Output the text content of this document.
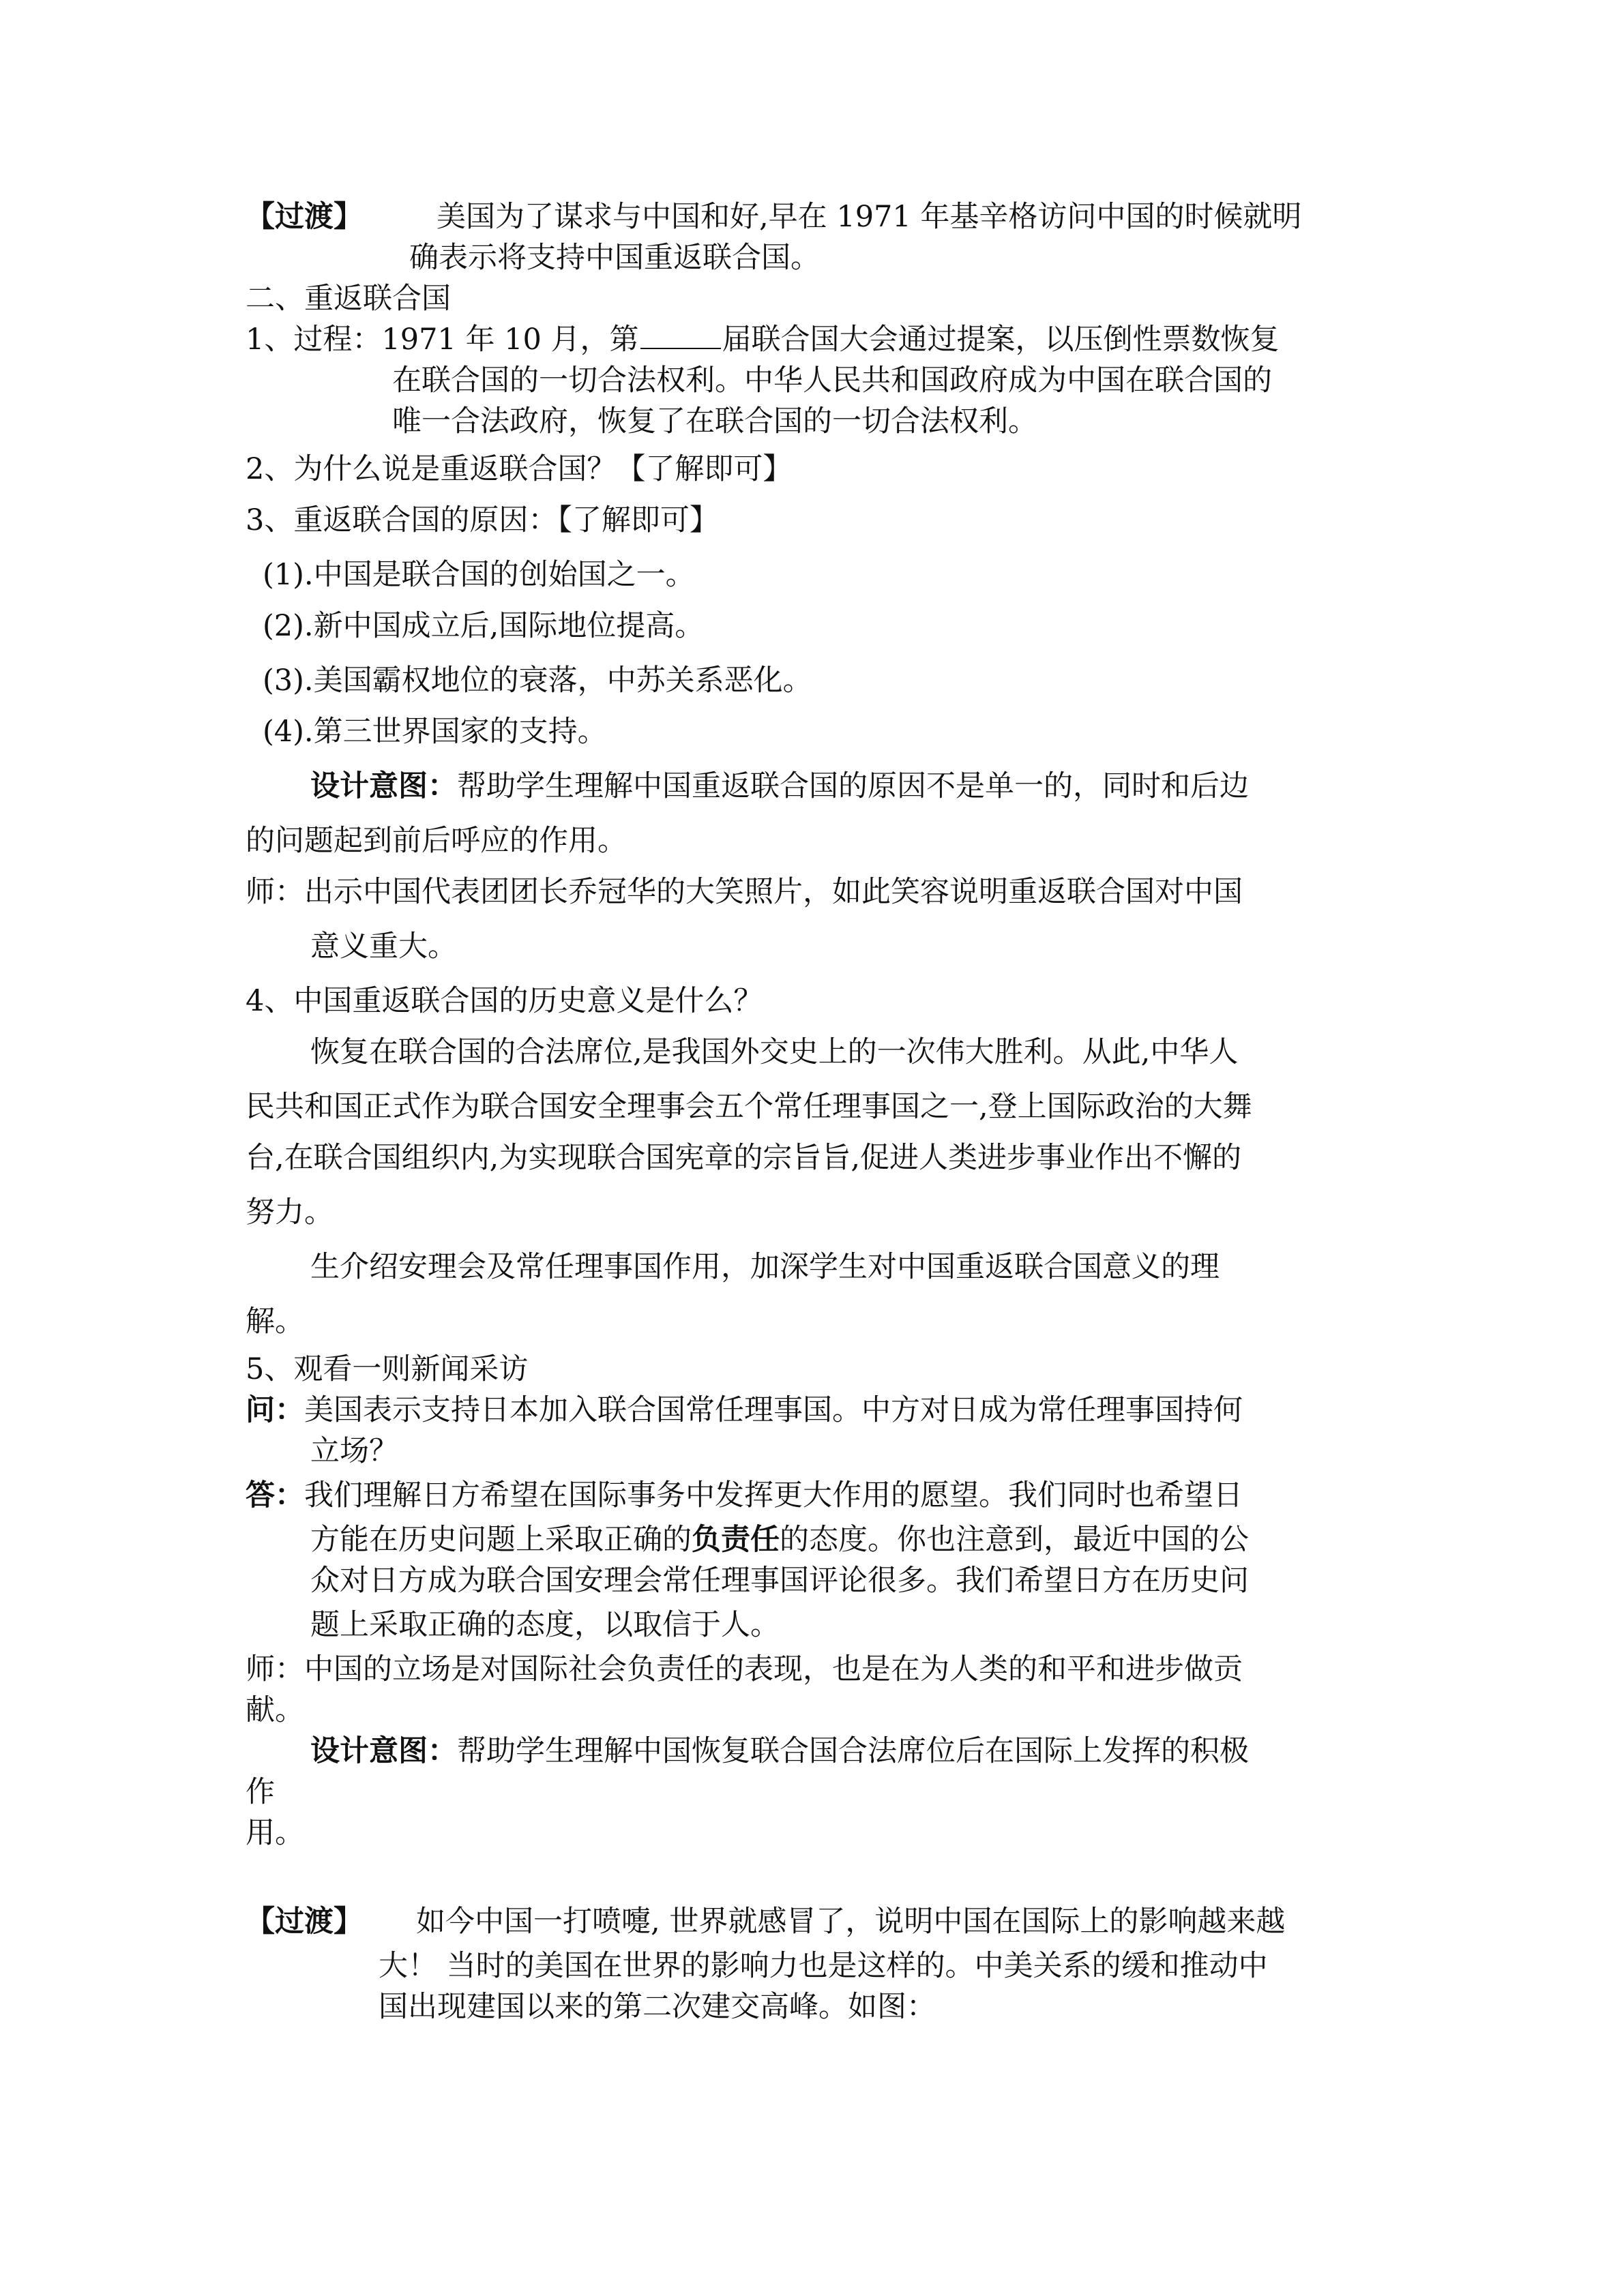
【过渡】	美国为了谋求与中国和好,早在 1971 年基辛格访问中国的时候就明
确表示将支持中国重返联合国。
二、重返联合国
1、过程：1971 年 10 月，第	届联合国大会通过提案，以压倒性票数恢复
在联合国的一切合法权利。中华人民共和国政府成为中国在联合国的
唯一合法政府，恢复了在联合国的一切合法权利。
2、为什么说是重返联合国？【了解即可】
3、重返联合国的原因：【了解即可】
(1).中国是联合国的创始国之一。
(2).新中国成立后,国际地位提高。
(3).美国霸权地位的衰落，中苏关系恶化。
(4).第三世界国家的支持。
设计意图：帮助学生理解中国重返联合国的原因不是单一的，同时和后边
的问题起到前后呼应的作用。
师：出示中国代表团团长乔冠华的大笑照片，如此笑容说明重返联合国对中国
意义重大。
4、中国重返联合国的历史意义是什么？
恢复在联合国的合法席位,是我国外交史上的一次伟大胜利。从此,中华人
民共和国正式作为联合国安全理事会五个常任理事国之一,登上国际政治的大舞
台,在联合国组织内,为实现联合国宪章的宗旨旨,促进人类进步事业作出不懈的
努力。
生介绍安理会及常任理事国作用，加深学生对中国重返联合国意义的理
解。
5、观看一则新闻采访
问：美国表示支持日本加入联合国常任理事国。中方对日成为常任理事国持何
立场？
答：我们理解日方希望在国际事务中发挥更大作用的愿望。我们同时也希望日
方能在历史问题上采取正确的负责任的态度。你也注意到，最近中国的公
众对日方成为联合国安理会常任理事国评论很多。我们希望日方在历史问
题上采取正确的态度，以取信于人。
师：中国的立场是对国际社会负责任的表现，也是在为人类的和平和进步做贡
献。
设计意图：帮助学生理解中国恢复联合国合法席位后在国际上发挥的积极
作
用。
【过渡】 如今中国一打喷嚏, 世界就感冒了，说明中国在国际上的影响越来越
大！ 当时的美国在世界的影响力也是这样的。中美关系的缓和推动中
国出现建国以来的第二次建交高峰。如图：
